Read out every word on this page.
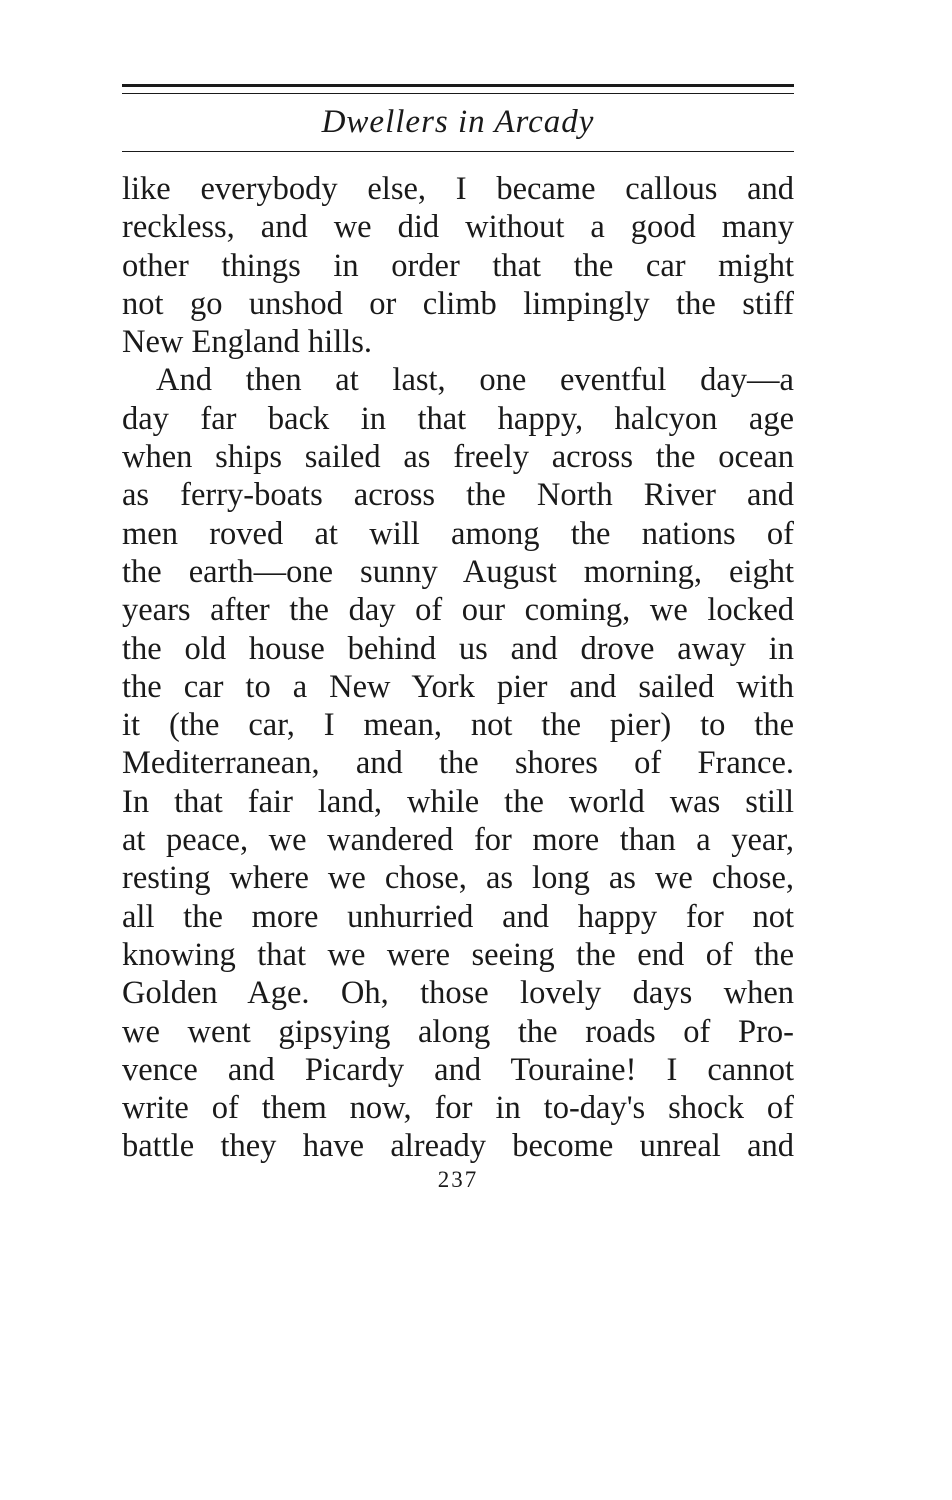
Dwellers in Arcady
like everybody else, I became callous and
reckless, and we did without a good many
other things in order that the car might
not go unshod or climb limpingly the stiff
New England hills.
And then at last, one eventful day—a
day far back in that happy, halcyon age
when ships sailed as freely across the ocean
as ferry-boats across the North River and
men roved at will among the nations of
the earth—one sunny August morning, eight
years after the day of our coming, we locked
the old house behind us and drove away in
the car to a New York pier and sailed with
it (the car, I mean, not the pier) to the
Mediterranean, and the shores of France.
In that fair land, while the world was still
at peace, we wandered for more than a year,
resting where we chose, as long as we chose,
all the more unhurried and happy for not
knowing that we were seeing the end of the
Golden Age. Oh, those lovely days when
we went gipsying along the roads of Pro-
vence and Picardy and Touraine! I cannot
write of them now, for in to-day's shock of
battle they have already become unreal and
237
